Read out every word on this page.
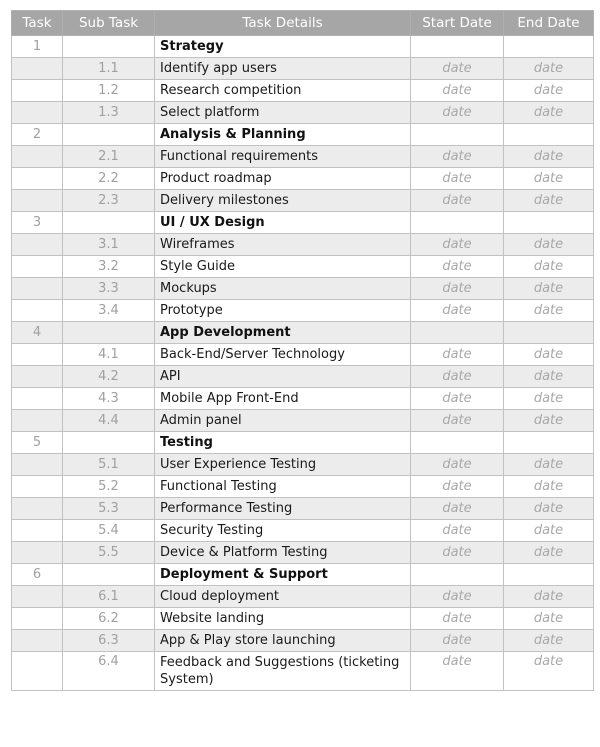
Task	Sub Task	Task Details	Start Date	End Date
1		Strategy		
	1.1	Identify app users	date	date
	1.2	Research competition	date	date
	1.3	Select platform	date	date
2		Analysis & Planning		
	2.1	Functional requirements	date	date
	2.2	Product roadmap	date	date
	2.3	Delivery milestones	date	date
3		UI / UX Design		
	3.1	Wireframes	date	date
	3.2	Style Guide	date	date
	3.3	Mockups	date	date
	3.4	Prototype	date	date
4		App Development		
	4.1	Back-End/Server Technology	date	date
	4.2	API	date	date
	4.3	Mobile App Front-End	date	date
	4.4	Admin panel	date	date
5		Testing		
	5.1	User Experience Testing	date	date
	5.2	Functional Testing	date	date
	5.3	Performance Testing	date	date
	5.4	Security Testing	date	date
	5.5	Device & Platform Testing	date	date
6		Deployment & Support		
	6.1	Cloud deployment	date	date
	6.2	Website landing	date	date
	6.3	App & Play store launching	date	date
	6.4	Feedback and Suggestions (ticketing System)	date	date
